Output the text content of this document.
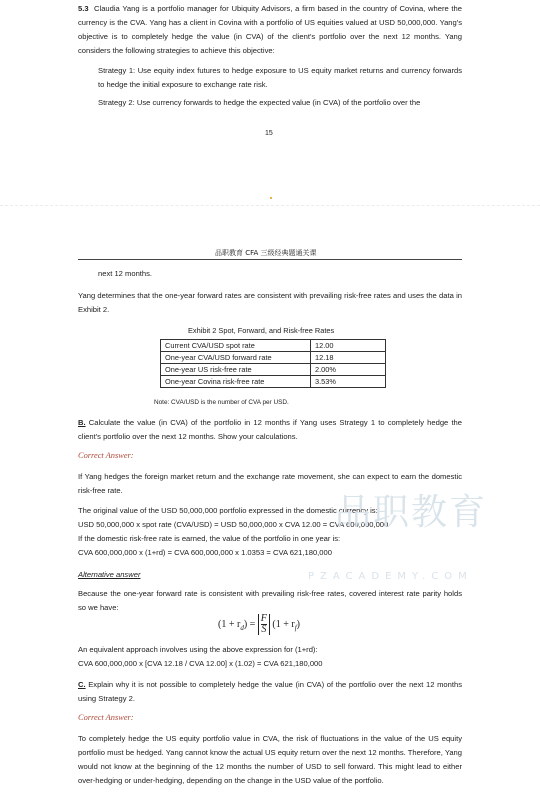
5.3 Claudia Yang is a portfolio manager for Ubiquity Advisors, a firm based in the country of Covina, where the currency is the CVA. Yang has a client in Covina with a portfolio of US equities valued at USD 50,000,000. Yang's objective is to completely hedge the value (in CVA) of the client's portfolio over the next 12 months. Yang considers the following strategies to achieve this objective:
Strategy 1: Use equity index futures to hedge exposure to US equity market returns and currency forwards to hedge the initial exposure to exchange rate risk.
Strategy 2: Use currency forwards to hedge the expected value (in CVA) of the portfolio over the
15
品职教育 CFA 三级经典题通关课
next 12 months.
Yang determines that the one-year forward rates are consistent with prevailing risk-free rates and uses the data in Exhibit 2.
Exhibit 2 Spot, Forward, and Risk-free Rates
Current CVA/USD spot rate	12.00
One-year CVA/USD forward rate	12.18
One-year US risk-free rate	2.00%
One-year Covina risk-free rate	3.53%
Note: CVA/USD is the number of CVA per USD.
B. Calculate the value (in CVA) of the portfolio in 12 months if Yang uses Strategy 1 to completely hedge the client's portfolio over the next 12 months. Show your calculations.
Correct Answer:
If Yang hedges the foreign market return and the exchange rate movement, she can expect to earn the domestic risk-free rate.
The original value of the USD 50,000,000 portfolio expressed in the domestic currency is:
USD 50,000,000 x spot rate (CVA/USD) = USD 50,000,000 x CVA 12.00 = CVA 600,000,000
If the domestic risk-free rate is earned, the value of the portfolio in one year is:
CVA 600,000,000 x (1+rd) = CVA 600,000,000 x 1.0353 = CVA 621,180,000
Alternative answer
Because the one-year forward rate is consistent with prevailing risk-free rates, covered interest rate parity holds so we have:
$(1 + r_d) = \frac{F}{S} (1 + r_f)$
An equivalent approach involves using the above expression for (1+rd):
CVA 600,000,000 x [CVA 12.18 / CVA 12.00] x (1.02) = CVA 621,180,000
C. Explain why it is not possible to completely hedge the value (in CVA) of the portfolio over the next 12 months using Strategy 2.
Correct Answer:
To completely hedge the US equity portfolio value in CVA, the risk of fluctuations in the value of the US equity portfolio must be hedged. Yang cannot know the actual US equity return over the next 12 months. Therefore, Yang would not know at the beginning of the 12 months the number of USD to sell forward. This might lead to either over-hedging or under-hedging, depending on the change in the USD value of the portfolio.
品职教育
PZACADEMY.COM
